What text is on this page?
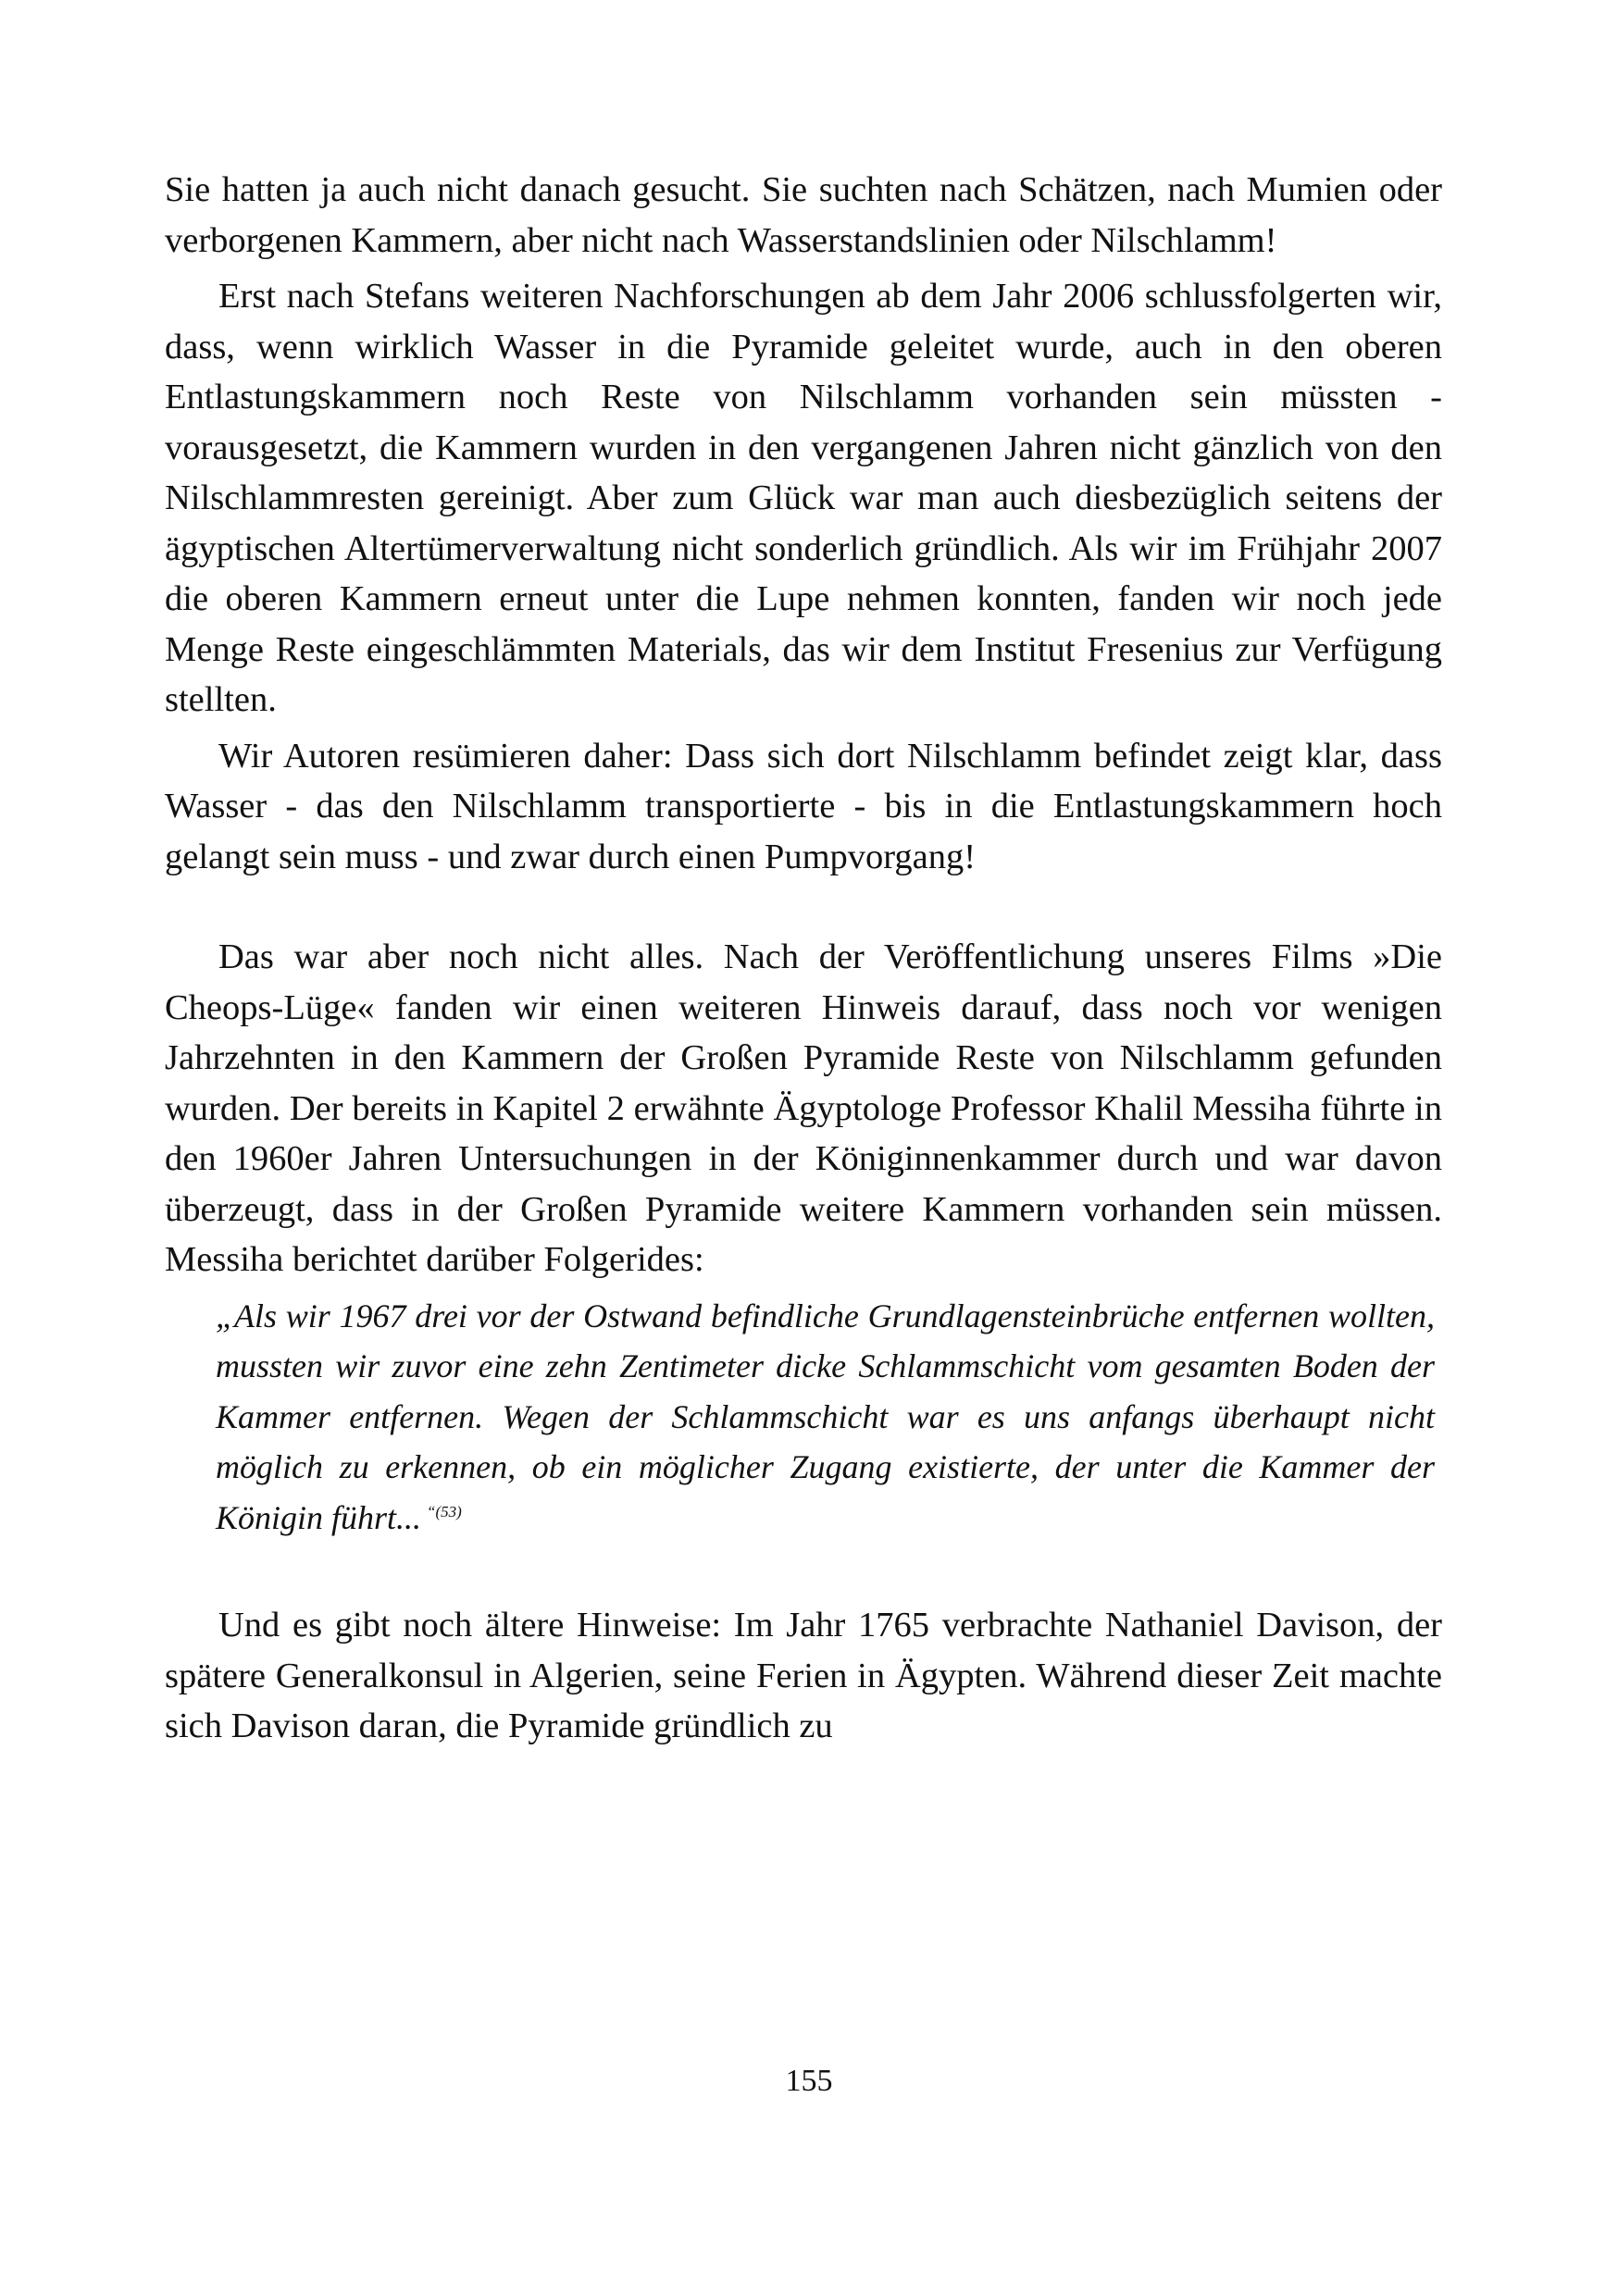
Sie hatten ja auch nicht danach gesucht. Sie suchten nach Schätzen, nach Mumien oder verborgenen Kammern, aber nicht nach Wasserstandslinien oder Nilschlamm!

Erst nach Stefans weiteren Nachforschungen ab dem Jahr 2006 schlussfolgerten wir, dass, wenn wirklich Wasser in die Pyramide geleitet wurde, auch in den oberen Entlastungskammern noch Reste von Nilschlamm vorhanden sein müssten - vorausgesetzt, die Kammern wurden in den vergangenen Jahren nicht gänzlich von den Nilschlammresten gereinigt. Aber zum Glück war man auch diesbezüglich seitens der ägyptischen Altertümerverwaltung nicht sonderlich gründlich. Als wir im Frühjahr 2007 die oberen Kammern erneut unter die Lupe nehmen konnten, fanden wir noch jede Menge Reste eingeschlämmten Materials, das wir dem Institut Fresenius zur Verfügung stellten.

Wir Autoren resümieren daher: Dass sich dort Nilschlamm befindet zeigt klar, dass Wasser - das den Nilschlamm transportierte - bis in die Entlastungskammern hoch gelangt sein muss - und zwar durch einen Pumpvorgang!

Das war aber noch nicht alles. Nach der Veröffentlichung unseres Films »Die Cheops-Lüge« fanden wir einen weiteren Hinweis darauf, dass noch vor wenigen Jahrzehnten in den Kammern der Großen Pyramide Reste von Nilschlamm gefunden wurden. Der bereits in Kapitel 2 erwähnte Ägyptologe Professor Khalil Messiha führte in den 1960er Jahren Untersuchungen in der Königinnenkammer durch und war davon überzeugt, dass in der Großen Pyramide weitere Kammern vorhanden sein müssen. Messiha berichtet darüber Folgerides:

„Als wir 1967 drei vor der Ostwand befindliche Grundlagensteinbrüche entfernen wollten, mussten wir zuvor eine zehn Zentimeter dicke Schlammschicht vom gesamten Boden der Kammer entfernen. Wegen der Schlammschicht war es uns anfangs überhaupt nicht möglich zu erkennen, ob ein möglicher Zugang existierte, der unter die Kammer der Königin führt... $^{“(53)}$

Und es gibt noch ältere Hinweise: Im Jahr 1765 verbrachte Nathaniel Davison, der spätere Generalkonsul in Algerien, seine Ferien in Ägypten. Während dieser Zeit machte sich Davison daran, die Pyramide gründlich zu

155
